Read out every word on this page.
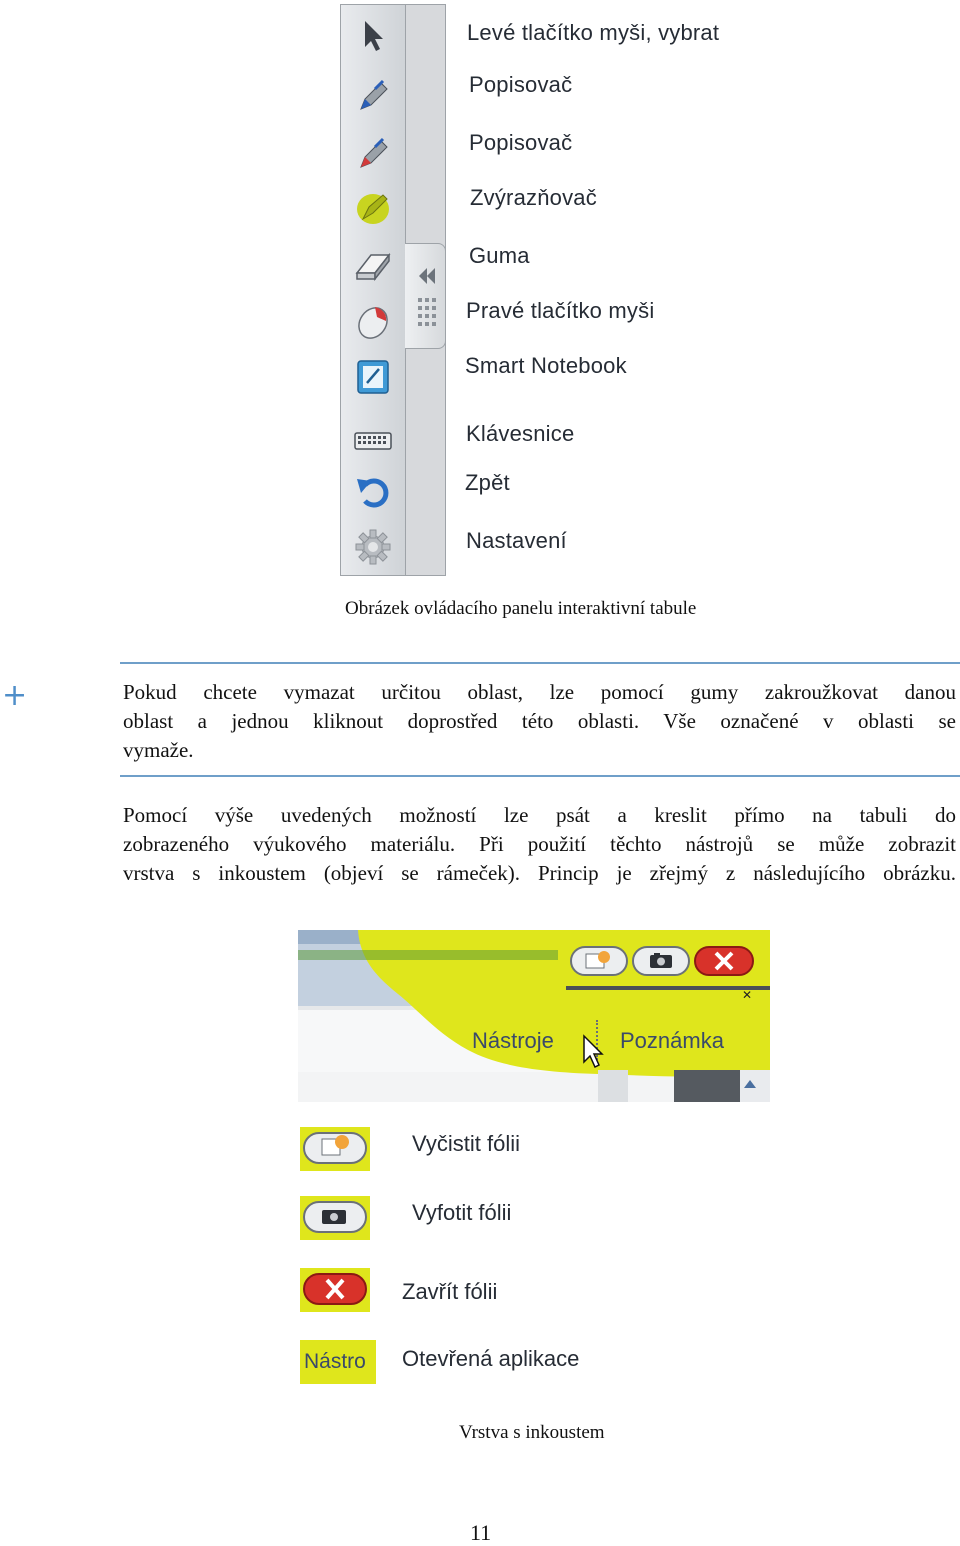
Levé tlačítko myši, vybrat
Popisovač
Popisovač
Zvýrazňovač
Guma
Pravé tlačítko myši
Smart Notebook
Klávesnice
Zpět
Nastavení
Obrázek ovládacího panelu interaktivní tabule
+	Pokud chcete vymazat určitou oblast, lze pomocí gumy zakroužkovat danou
oblast a jednou kliknout doprostřed této oblasti. Vše označené v oblasti se
vymaže.
Pomocí výše uvedených možností lze psát a kreslit přímo na tabuli do
zobrazeného výukového materiálu. Při použití těchto nástrojů se může zobrazit
vrstva s inkoustem (objeví se rámeček). Princip je zřejmý z následujícího obrázku.
✕
Nástroje	Poznámka
Vyčistit fólii
Vyfotit fólii
Zavřít fólii
Nástro	Otevřená aplikace
Vrstva s inkoustem
11
